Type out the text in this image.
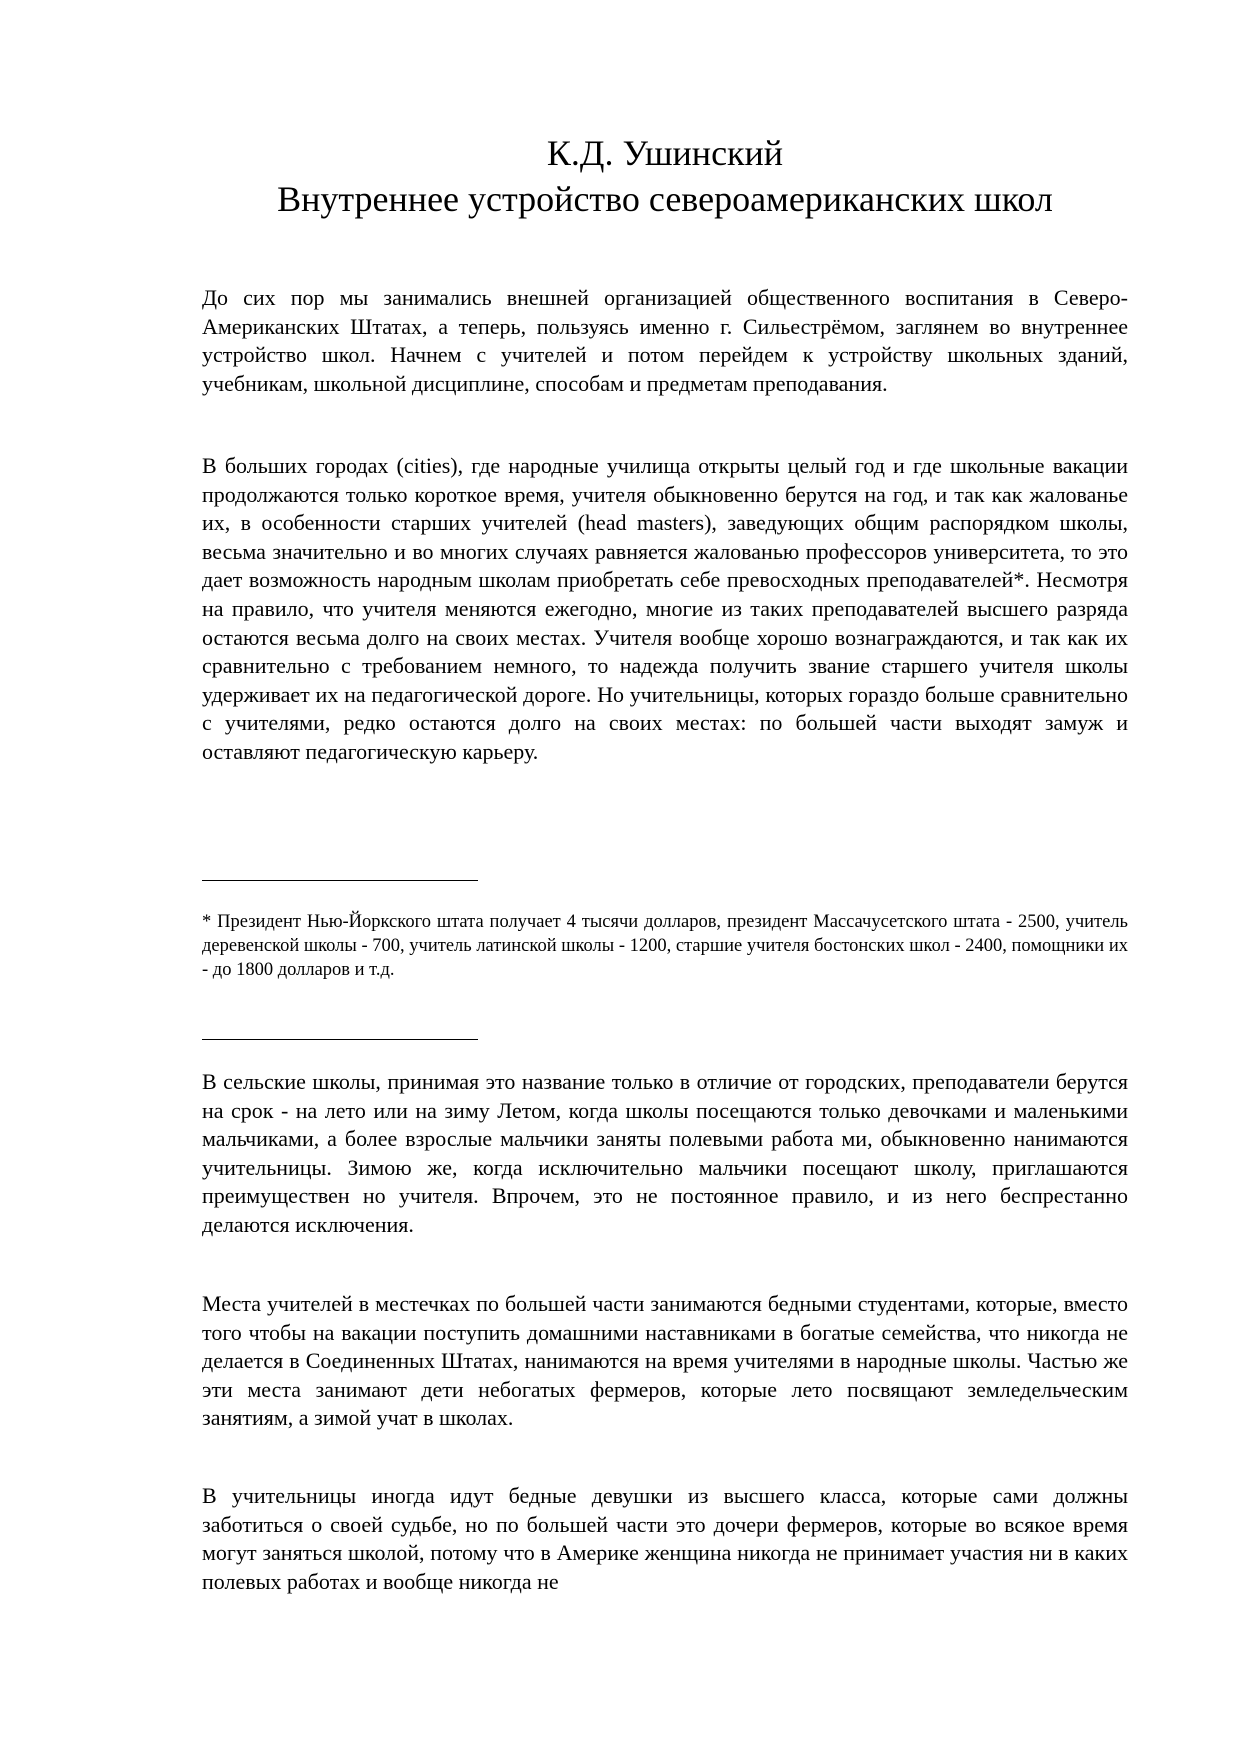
К.Д. Ушинский
Внутреннее устройство североамериканских школ

До сих пор мы занимались внешней организацией общественного воспитания в Северо-Американских Штатах, а теперь, пользуясь именно г. Сильестрёмом, заглянем во внутреннее устройство школ. Начнем с учителей и потом перейдем к устройству школьных зданий, учебникам, школьной дисциплине, способам и предметам преподавания.

В больших городах (cities), где народные училища открыты целый год и где школьные вакации продолжаются только короткое время, учителя обыкновенно берутся на год, и так как жалованье их, в особенности старших учителей (head masters), заведующих общим распорядком школы, весьма значительно и во многих случаях равняется жалованью профессоров университета, то это дает возможность народным школам приобретать себе превосходных преподавателей*. Несмотря на правило, что учителя меняются ежегодно, многие из таких преподавателей высшего разряда остаются весьма долго на своих местах. Учителя вообще хорошо вознаграждаются, и так как их сравнительно с требованием немного, то надежда получить звание старшего учителя школы удерживает их на педагогической дороге. Но учительницы, которых гораздо больше сравнительно с учителями, редко остаются долго на своих местах: по большей части выходят замуж и оставляют педагогическую карьеру.

* Президент Нью-Йоркского штата получает 4 тысячи долларов, президент Массачусетского штата - 2500, учитель деревенской школы - 700, учитель латинской школы - 1200, старшие учителя бостонских школ - 2400, помощники их - до 1800 долларов и т.д.

В сельские школы, принимая это название только в отличие от городских, преподаватели берутся на срок - на лето или на зиму Летом, когда школы посещаются только девочками и маленькими мальчиками, а более взрослые мальчики заняты полевыми работа ми, обыкновенно нанимаются учительницы. Зимою же, когда исключительно мальчики посещают школу, приглашаются преимуществен но учителя. Впрочем, это не постоянное правило, и из него беспрестанно делаются исключения.

Места учителей в местечках по большей части занимаются бедными студентами, которые, вместо того чтобы на вакации поступить домашними наставниками в богатые семейства, что никогда не делается в Соединенных Штатах, нанимаются на время учителями в народные школы. Частью же эти места занимают дети небогатых фермеров, которые лето посвящают земледельческим занятиям, а зимой учат в школах.

В учительницы иногда идут бедные девушки из высшего класса, которые сами должны заботиться о своей судьбе, но по большей части это дочери фермеров, которые во всякое время могут заняться школой, потому что в Америке женщина никогда не принимает участия ни в каких полевых работах и вообще никогда не
